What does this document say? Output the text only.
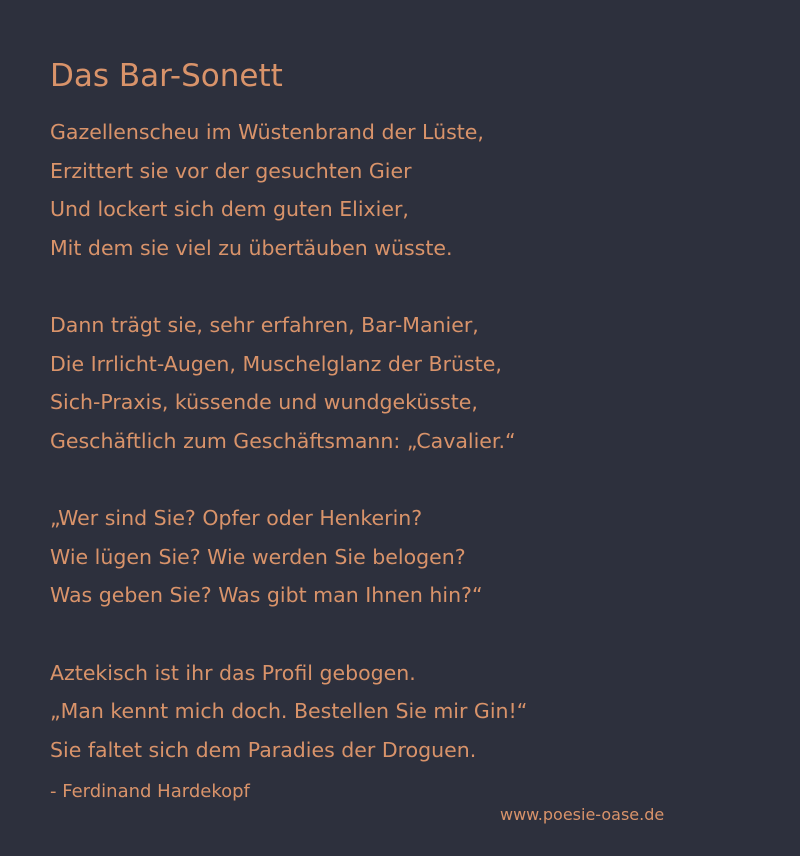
Das Bar-Sonett
Gazellenscheu im Wüstenbrand der Lüste,
Erzittert sie vor der gesuchten Gier
Und lockert sich dem guten Elixier,
Mit dem sie viel zu übertäuben wüsste.
Dann trägt sie, sehr erfahren, Bar-Manier,
Die Irrlicht-Augen, Muschelglanz der Brüste,
Sich-Praxis, küssende und wundgeküsste,
Geschäftlich zum Geschäftsmann: „Cavalier.“
„Wer sind Sie? Opfer oder Henkerin?
Wie lügen Sie? Wie werden Sie belogen?
Was geben Sie? Was gibt man Ihnen hin?“
Aztekisch ist ihr das Profil gebogen.
„Man kennt mich doch. Bestellen Sie mir Gin!“
Sie faltet sich dem Paradies der Droguen.
- Ferdinand Hardekopf
www.poesie-oase.de
